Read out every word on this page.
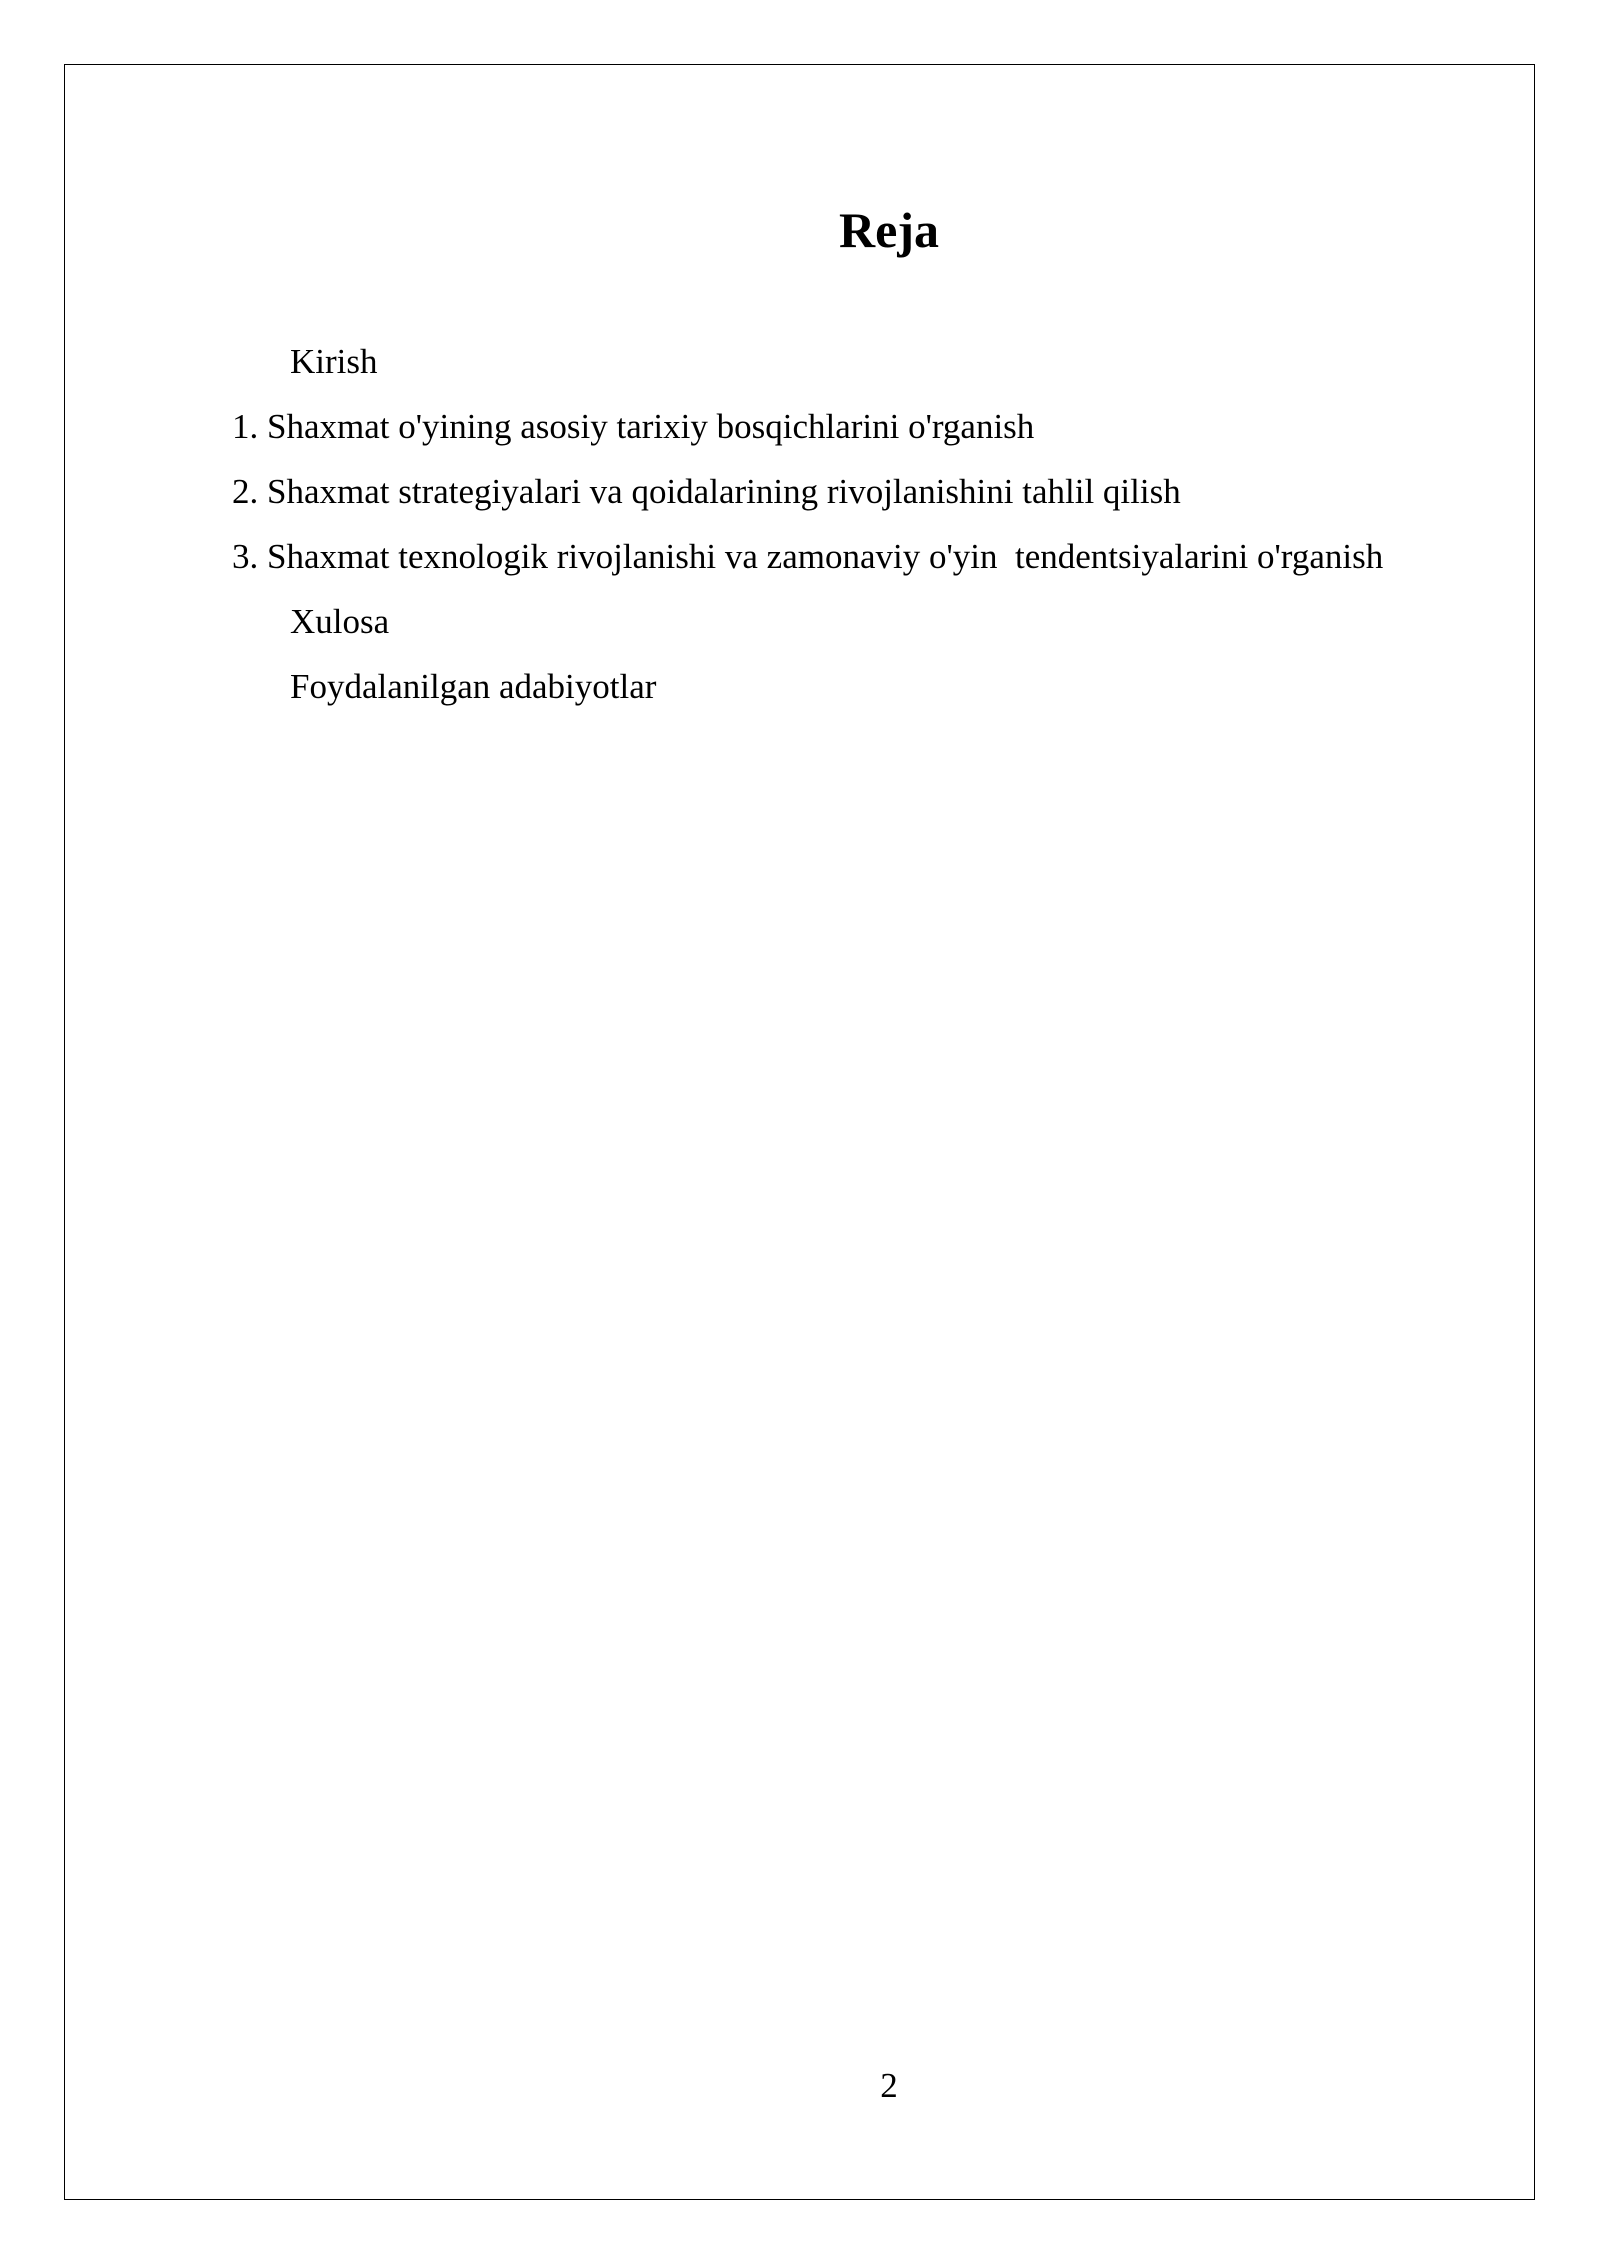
Reja
Kirish
1. Shaxmat o'yining asosiy tarixiy bosqichlarini o'rganish
2. Shaxmat strategiyalari va qoidalarining rivojlanishini tahlil qilish
3. Shaxmat texnologik rivojlanishi va zamonaviy o'yin  tendentsiyalarini o'rganish
Xulosa
Foydalanilgan adabiyotlar
2
